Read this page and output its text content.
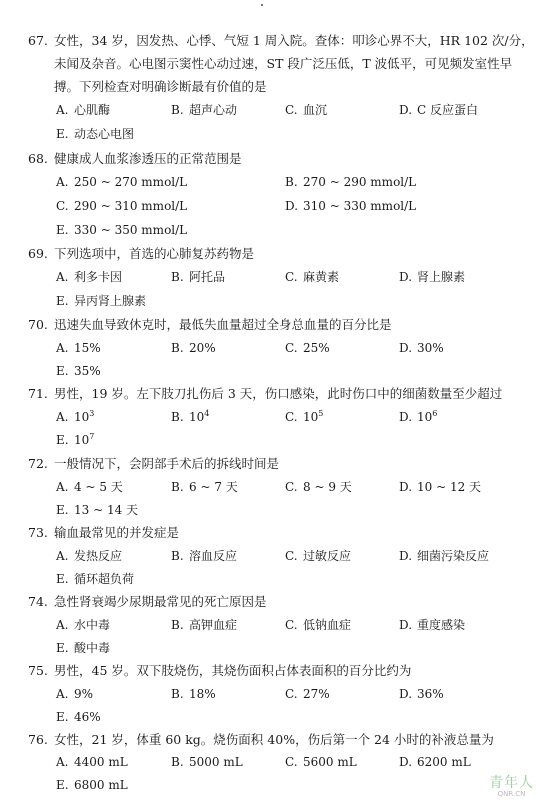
67. 女性，34 岁，因发热、心悸、气短 1 周入院。查体：叩诊心界不大，HR 102 次/分，
未闻及杂音。心电图示窦性心动过速，ST 段广泛压低，T 波低平，可见频发室性早
搏。下列检查对明确诊断最有价值的是
A. 心肌酶	B. 超声心动	C. 血沉	D. C 反应蛋白
E. 动态心电图
68. 健康成人血浆渗透压的正常范围是
A. 250 ~ 270 mmol/L	B. 270 ~ 290 mmol/L
C. 290 ~ 310 mmol/L	D. 310 ~ 330 mmol/L
E. 330 ~ 350 mmol/L
69. 下列选项中，首选的心肺复苏药物是
A. 利多卡因	B. 阿托品	C. 麻黄素	D. 肾上腺素
E. 异丙肾上腺素
70. 迅速失血导致休克时，最低失血量超过全身总血量的百分比是
A. 15%	B. 20%	C. 25%	D. 30%
E. 35%
71. 男性，19 岁。左下肢刀扎伤后 3 天，伤口感染，此时伤口中的细菌数量至少超过
A. $10^3$	B. $10^4$	C. $10^5$	D. $10^6$
E. $10^7$
72. 一般情况下，会阴部手术后的拆线时间是
A. 4 ~ 5 天	B. 6 ~ 7 天	C. 8 ~ 9 天	D. 10 ~ 12 天
E. 13 ~ 14 天
73. 输血最常见的并发症是
A. 发热反应	B. 溶血反应	C. 过敏反应	D. 细菌污染反应
E. 循环超负荷
74. 急性肾衰竭少尿期最常见的死亡原因是
A. 水中毒	B. 高钾血症	C. 低钠血症	D. 重度感染
E. 酸中毒
75. 男性，45 岁。双下肢烧伤，其烧伤面积占体表面积的百分比约为
A. 9%	B. 18%	C. 27%	D. 36%
E. 46%
76. 女性，21 岁，体重 60 kg。烧伤面积 40%，伤后第一个 24 小时的补液总量为
A. 4400 mL	B. 5000 mL	C. 5600 mL	D. 6200 mL
E. 6800 mL	青年人
QNR.CN
